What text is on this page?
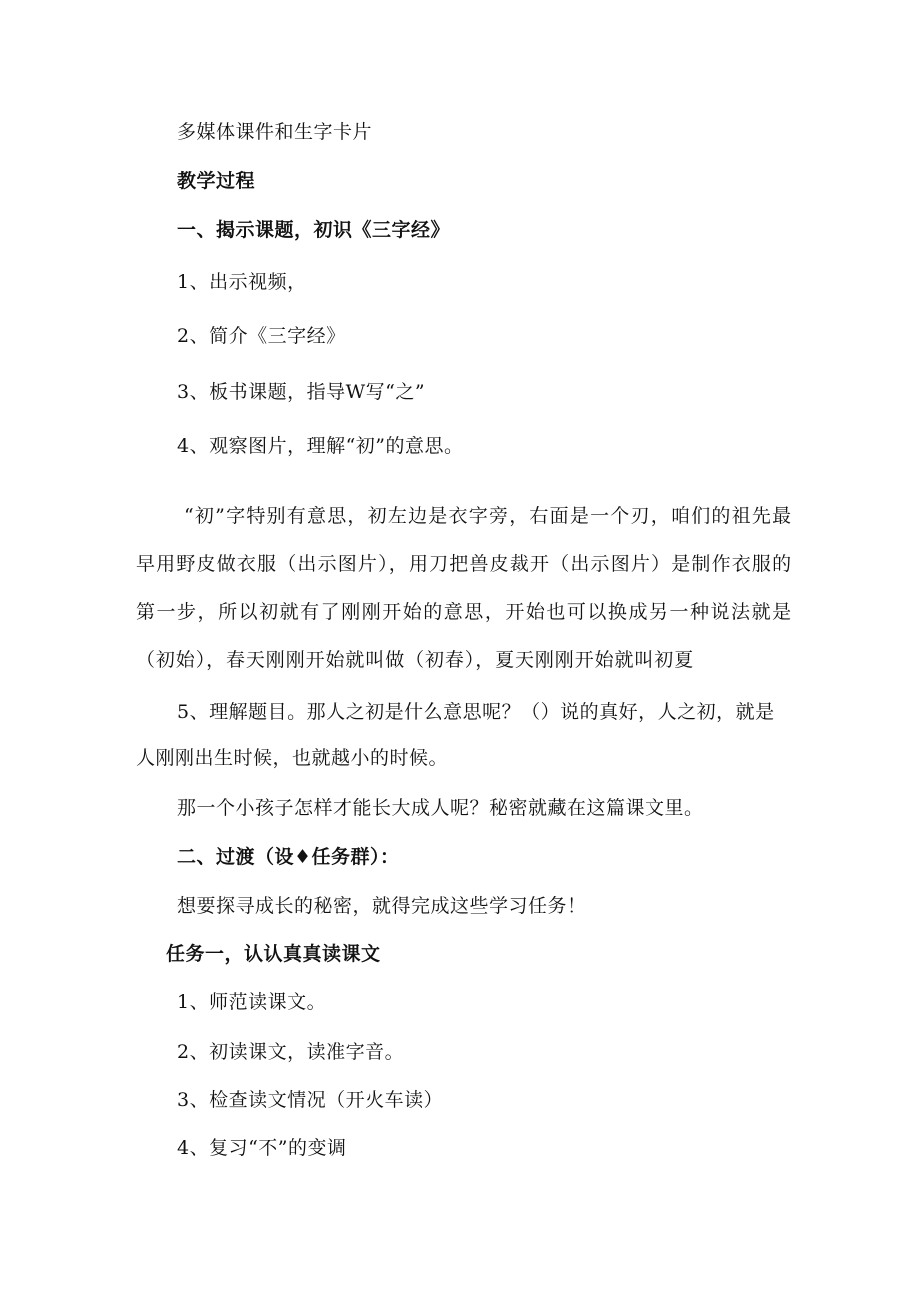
多媒体课件和生字卡片
教学过程
一、揭示课题，初识《三字经》
1、出示视频，
2、简介《三字经》
3、板书课题，指导W写“之”
4、观察图片，理解“初”的意思。
“初”字特别有意思，初左边是衣字旁，右面是一个刃，咱们的祖先最早用野皮做衣服（出示图片），用刀把兽皮裁开（出示图片）是制作衣服的第一步，所以初就有了刚刚开始的意思，开始也可以换成另一种说法就是（初始），春天刚刚开始就叫做（初春），夏天刚刚开始就叫初夏
5、理解题目。那人之初是什么意思呢？（）说的真好，人之初，就是
人刚刚出生时候，也就越小的时候。
那一个小孩子怎样才能长大成人呢？秘密就藏在这篇课文里。
二、过渡（设♦任务群）：
想要探寻成长的秘密，就得完成这些学习任务！
任务一，认认真真读课文
1、师范读课文。
2、初读课文，读准字音。
3、检查读文情况（开火车读）
4、复习“不”的变调
